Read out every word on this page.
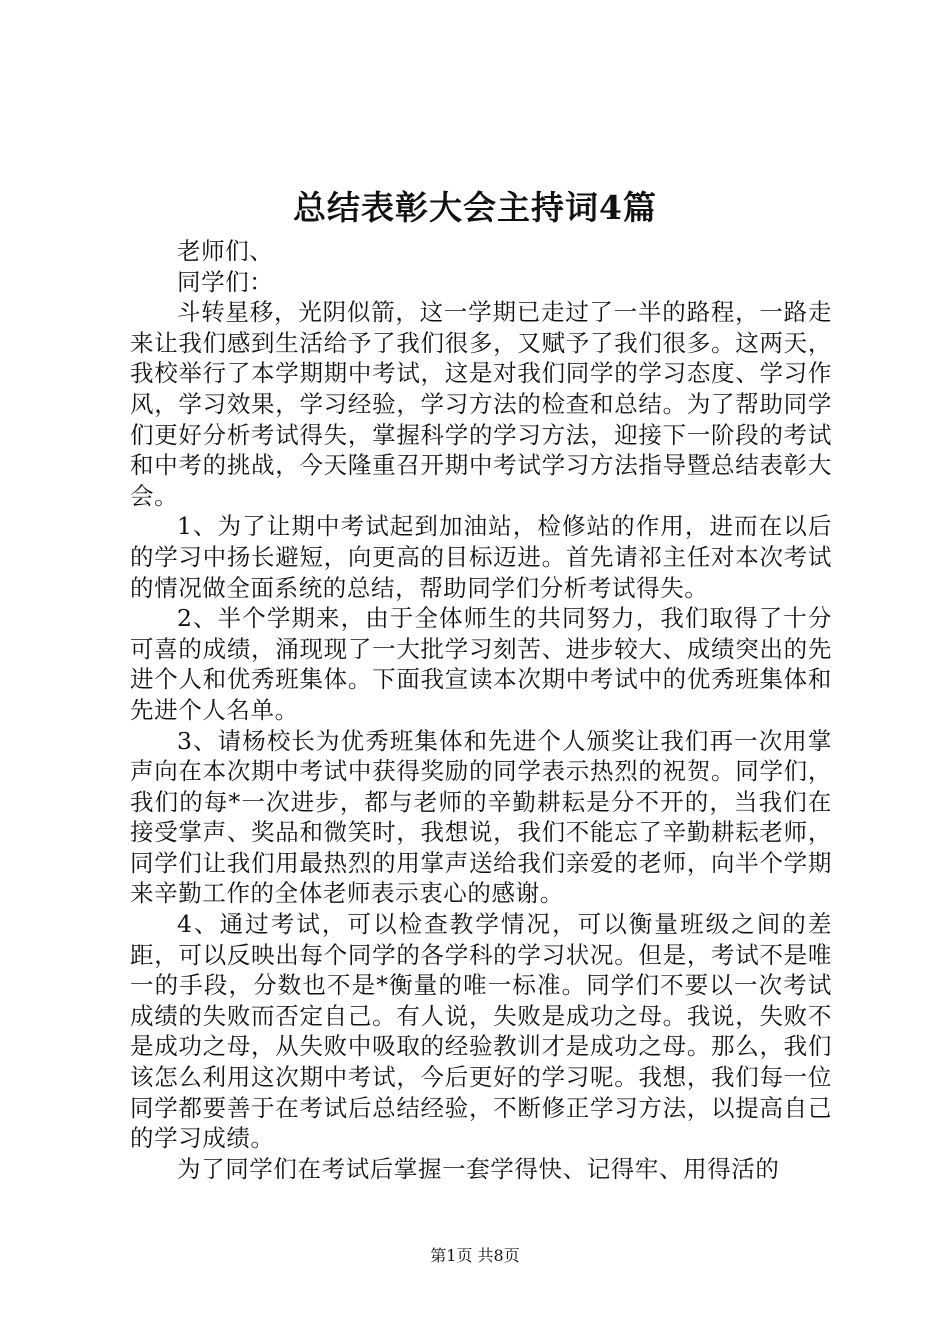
总结表彰大会主持词4篇

老师们、

同学们：

斗转星移，光阴似箭，这一学期已走过了一半的路程，一路走来让我们感到生活给予了我们很多，又赋予了我们很多。这两天，我校举行了本学期期中考试，这是对我们同学的学习态度、学习作风，学习效果，学习经验，学习方法的检查和总结。为了帮助同学们更好分析考试得失，掌握科学的学习方法，迎接下一阶段的考试和中考的挑战，今天隆重召开期中考试学习方法指导暨总结表彰大会。

1、为了让期中考试起到加油站，检修站的作用，进而在以后的学习中扬长避短，向更高的目标迈进。首先请祁主任对本次考试的情况做全面系统的总结，帮助同学们分析考试得失。

2、半个学期来，由于全体师生的共同努力，我们取得了十分可喜的成绩，涌现现了一大批学习刻苦、进步较大、成绩突出的先进个人和优秀班集体。下面我宣读本次期中考试中的优秀班集体和先进个人名单。

3、请杨校长为优秀班集体和先进个人颁奖让我们再一次用掌声向在本次期中考试中获得奖励的同学表示热烈的祝贺。同学们，我们的每*一次进步，都与老师的辛勤耕耘是分不开的，当我们在接受掌声、奖品和微笑时，我想说，我们不能忘了辛勤耕耘老师，同学们让我们用最热烈的用掌声送给我们亲爱的老师，向半个学期来辛勤工作的全体老师表示衷心的感谢。

4、通过考试，可以检查教学情况，可以衡量班级之间的差距，可以反映出每个同学的各学科的学习状况。但是，考试不是唯一的手段，分数也不是*衡量的唯一标准。同学们不要以一次考试成绩的失败而否定自己。有人说，失败是成功之母。我说，失败不是成功之母，从失败中吸取的经验教训才是成功之母。那么，我们该怎么利用这次期中考试，今后更好的学习呢。我想，我们每一位同学都要善于在考试后总结经验，不断修正学习方法，以提高自己的学习成绩。

为了同学们在考试后掌握一套学得快、记得牢、用得活的

第1页 共8页
